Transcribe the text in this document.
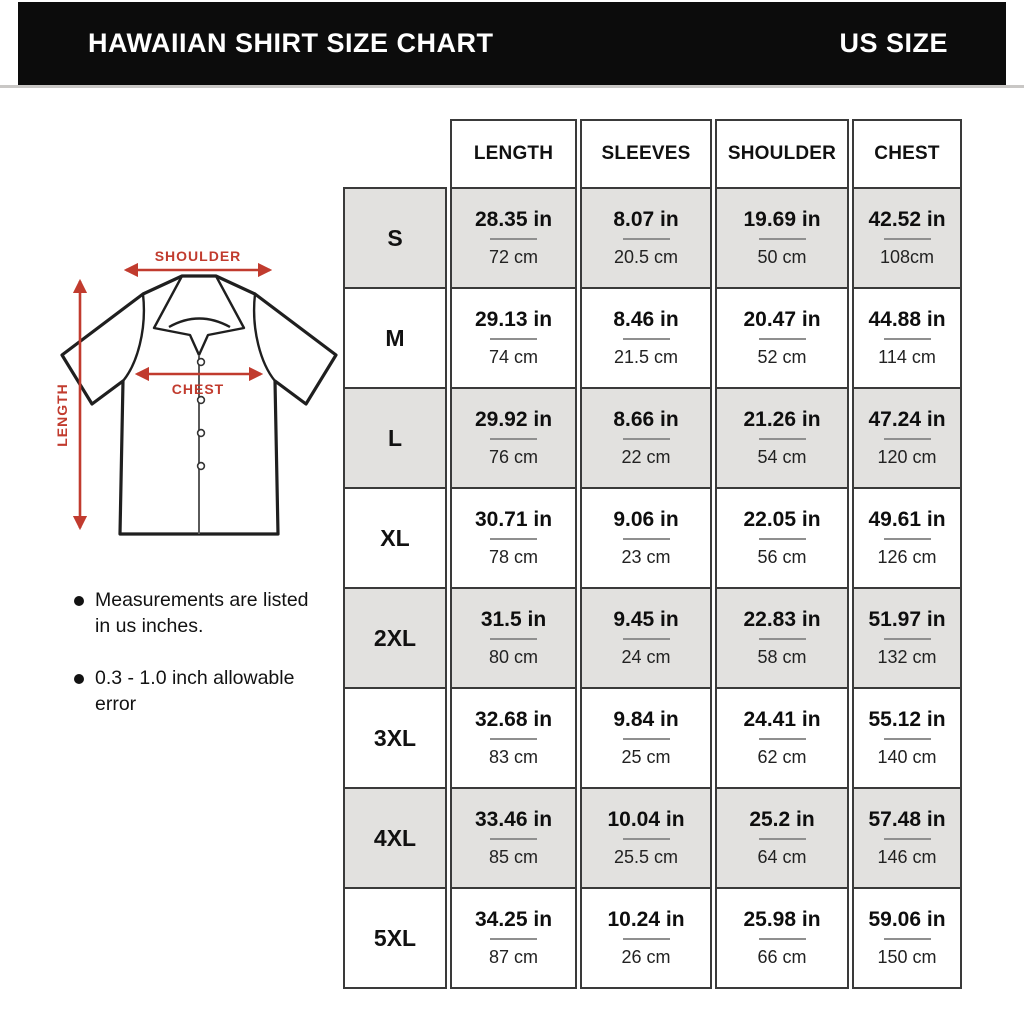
HAWAIIAN SHIRT SIZE CHART	US SIZE
SHOULDER
LENGTH	CHEST
Measurements are listed in us inches.
0.3 - 1.0 inch allowable error
S
M
L
XL
2XL
3XL
4XL
5XL
LENGTH
28.35 in
72 cm
29.13 in
74 cm
29.92 in
76 cm
30.71 in
78 cm
31.5 in
80 cm
32.68 in
83 cm
33.46 in
85 cm
34.25 in
87 cm
SLEEVES
8.07 in
20.5 cm
8.46 in
21.5 cm
8.66 in
22 cm
9.06 in
23 cm
9.45 in
24 cm
9.84 in
25 cm
10.04 in
25.5 cm
10.24 in
26 cm
SHOULDER
19.69 in
50 cm
20.47 in
52 cm
21.26 in
54 cm
22.05 in
56 cm
22.83 in
58 cm
24.41 in
62 cm
25.2 in
64 cm
25.98 in
66 cm
CHEST
42.52 in
108cm
44.88 in
114 cm
47.24 in
120 cm
49.61 in
126 cm
51.97 in
132 cm
55.12 in
140 cm
57.48 in
146 cm
59.06 in
150 cm
